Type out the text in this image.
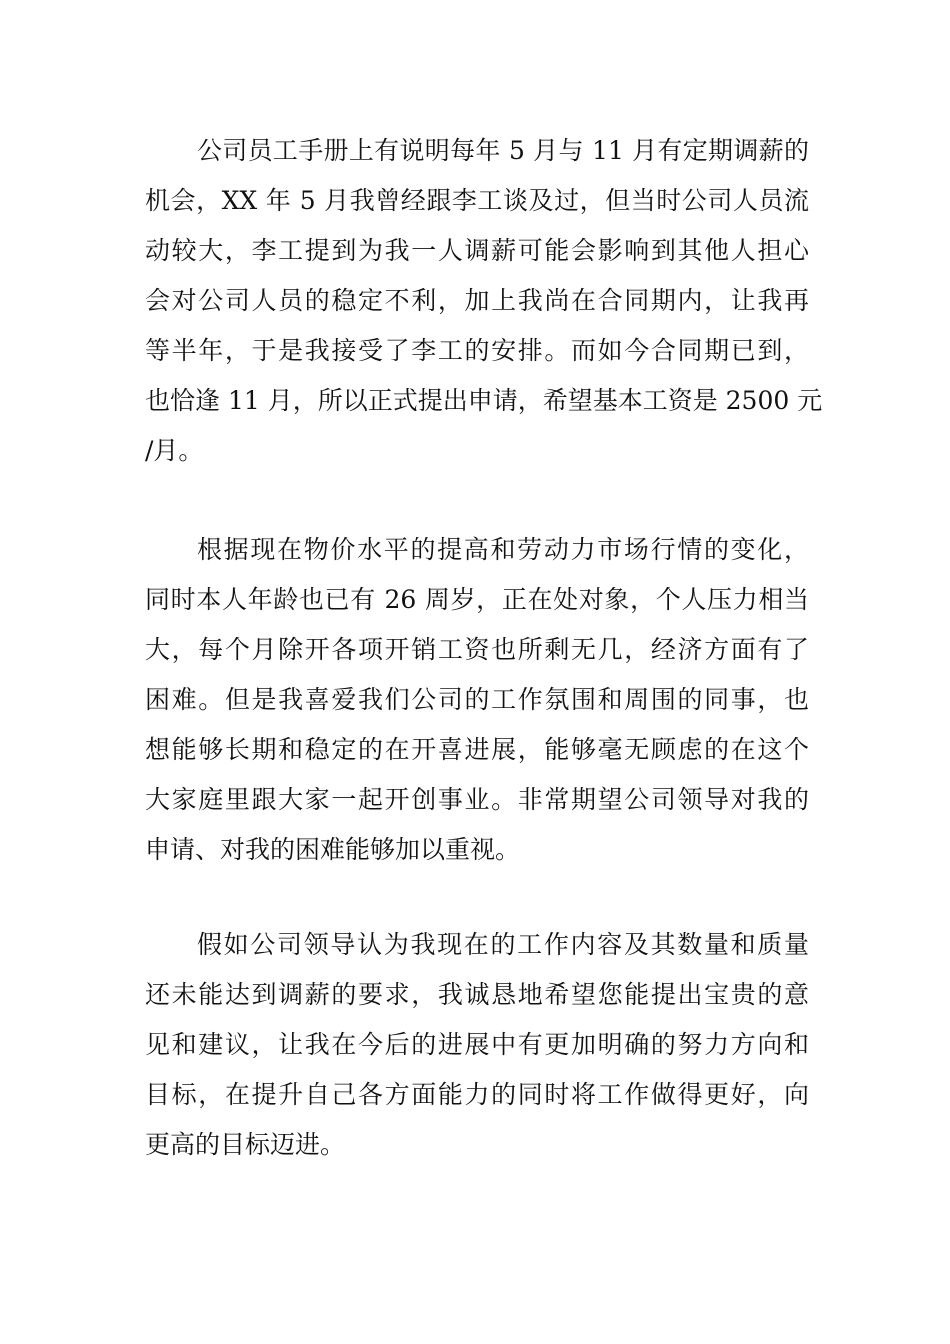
公司员工手册上有说明每年 5 月与 11 月有定期调薪的
机会，XX 年 5 月我曾经跟李工谈及过，但当时公司人员流
动较大，李工提到为我一人调薪可能会影响到其他人担心
会对公司人员的稳定不利，加上我尚在合同期内，让我再
等半年，于是我接受了李工的安排。而如今合同期已到，
也恰逢 11 月，所以正式提出申请，希望基本工资是 2500 元
/月。
根据现在物价水平的提高和劳动力市场行情的变化，
同时本人年龄也已有 26 周岁，正在处对象，个人压力相当
大，每个月除开各项开销工资也所剩无几，经济方面有了
困难。但是我喜爱我们公司的工作氛围和周围的同事，也
想能够长期和稳定的在开喜进展，能够毫无顾虑的在这个
大家庭里跟大家一起开创事业。非常期望公司领导对我的
申请、对我的困难能够加以重视。
假如公司领导认为我现在的工作内容及其数量和质量
还未能达到调薪的要求，我诚恳地希望您能提出宝贵的意
见和建议，让我在今后的进展中有更加明确的努力方向和
目标，在提升自己各方面能力的同时将工作做得更好，向
更高的目标迈进。
